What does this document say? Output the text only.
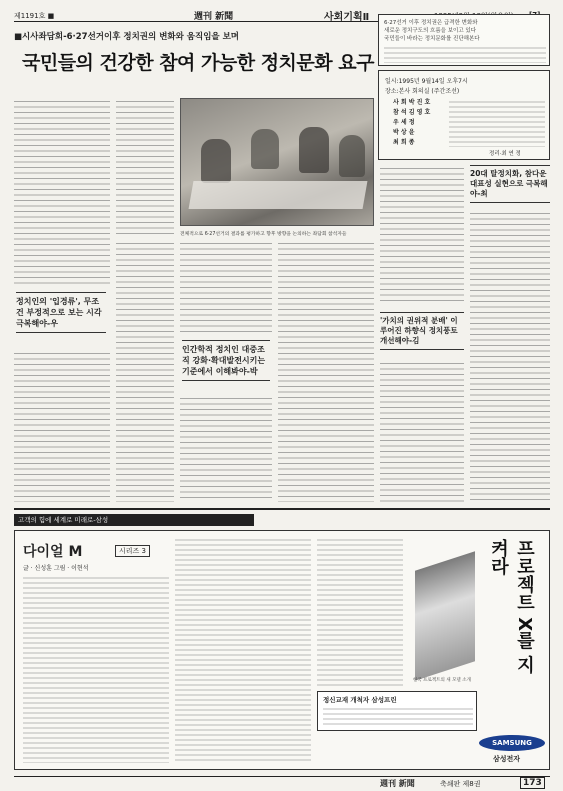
제1191호 ■	週刊 新聞	사회기획Ⅱ
■시사좌담회-6·27선거이후 정치권의 변화와 움직임을 보며
국민들의 건강한 참여 가능한 정치문화 요구
6·27선거 이후 정치권은 급격한 변화와
새로운 정치구도의 흐름을 보이고 있다
국민들이 바라는 정치문화를 진단해본다
일시:1995년 9월14일 오후7시
장소:본사 회의실 (주간조선)
사 회 박 진 호
참 석 김 영 호
우 세 정
박 상 윤
최 희 종
정리·최 연 정
정치인의 '입경류', 무조건 부정적으로 보는 시각 극복해야-우
전체적으로 6·27선거의 결과를 평가하고 향후 방향을 논의하는 좌담회 참석자들
인간학적 정치인 대중조직 강화·확대발전시키는 기준에서 이해봐야-박
20대 탈정치화, 참다운 대표성 실현으로 극복해야-최
'가치의 권위적 분배' 이루어진 하향식 정치풍토 개선해야-김
고객의 힘에 세계로 미래로-삼성
다이얼 M	시리즈 3
글 · 신성훈 그림 · 이현석
정신교재 개척자 삼성프린
프로젝트 X를 지켜라
한국 프로젝트의 새 모델 소개
SAMSUNG
삼성전자
週刊 新聞	축쇄판 제8권	173
